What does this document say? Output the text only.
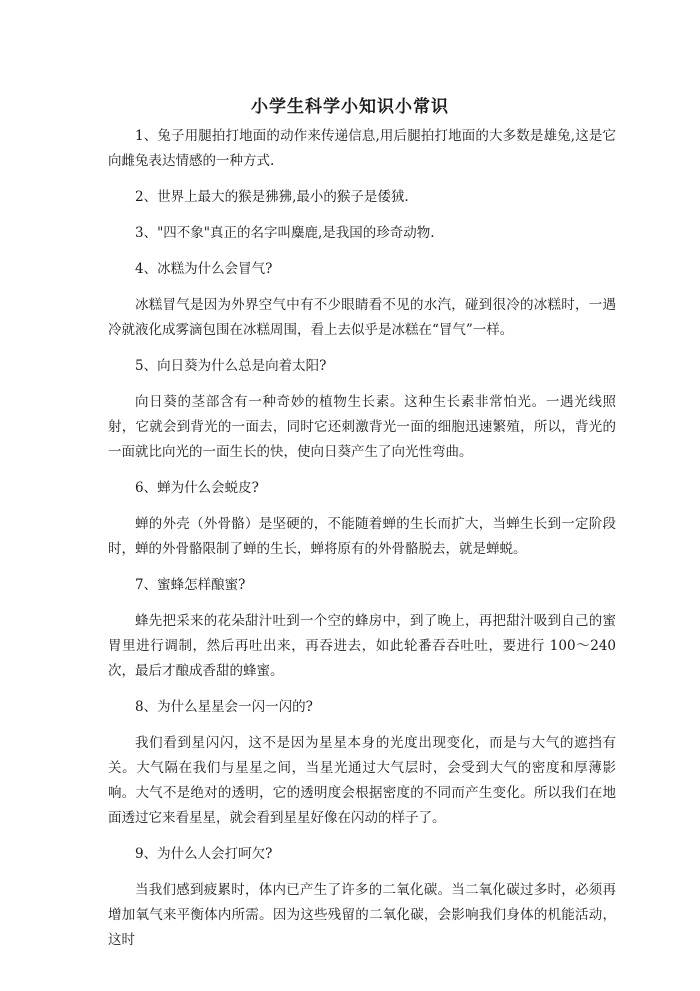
小学生科学小知识小常识

1、兔子用腿拍打地面的动作来传递信息,用后腿拍打地面的大多数是雄兔,这是它向雌兔表达情感的一种方式.

2、世界上最大的猴是狒狒,最小的猴子是倭狨.

3、"四不象"真正的名字叫麋鹿,是我国的珍奇动物.

4、冰糕为什么会冒气?

冰糕冒气是因为外界空气中有不少眼睛看不见的水汽，碰到很冷的冰糕时，一遇冷就液化成雾滴包围在冰糕周围，看上去似乎是冰糕在“冒气”一样。

5、向日葵为什么总是向着太阳?

向日葵的茎部含有一种奇妙的植物生长素。这种生长素非常怕光。一遇光线照射，它就会到背光的一面去，同时它还刺激背光一面的细胞迅速繁殖，所以，背光的一面就比向光的一面生长的快，使向日葵产生了向光性弯曲。

6、蝉为什么会蜕皮?

蝉的外壳（外骨骼）是坚硬的，不能随着蝉的生长而扩大，当蝉生长到一定阶段时，蝉的外骨骼限制了蝉的生长，蝉将原有的外骨骼脱去，就是蝉蜕。

7、蜜蜂怎样酿蜜?

蜂先把采来的花朵甜汁吐到一个空的蜂房中，到了晚上，再把甜汁吸到自己的蜜胃里进行调制，然后再吐出来，再吞进去，如此轮番吞吞吐吐，要进行 100～240 次，最后才酿成香甜的蜂蜜。

8、为什么星星会一闪一闪的?

我们看到星闪闪，这不是因为星星本身的光度出现变化，而是与大气的遮挡有关。大气隔在我们与星星之间，当星光通过大气层时，会受到大气的密度和厚薄影响。大气不是绝对的透明，它的透明度会根据密度的不同而产生变化。所以我们在地面透过它来看星星，就会看到星星好像在闪动的样子了。

9、为什么人会打呵欠?

当我们感到疲累时，体内已产生了许多的二氧化碳。当二氧化碳过多时，必须再增加氧气来平衡体内所需。因为这些残留的二氧化碳，会影响我们身体的机能活动，这时
